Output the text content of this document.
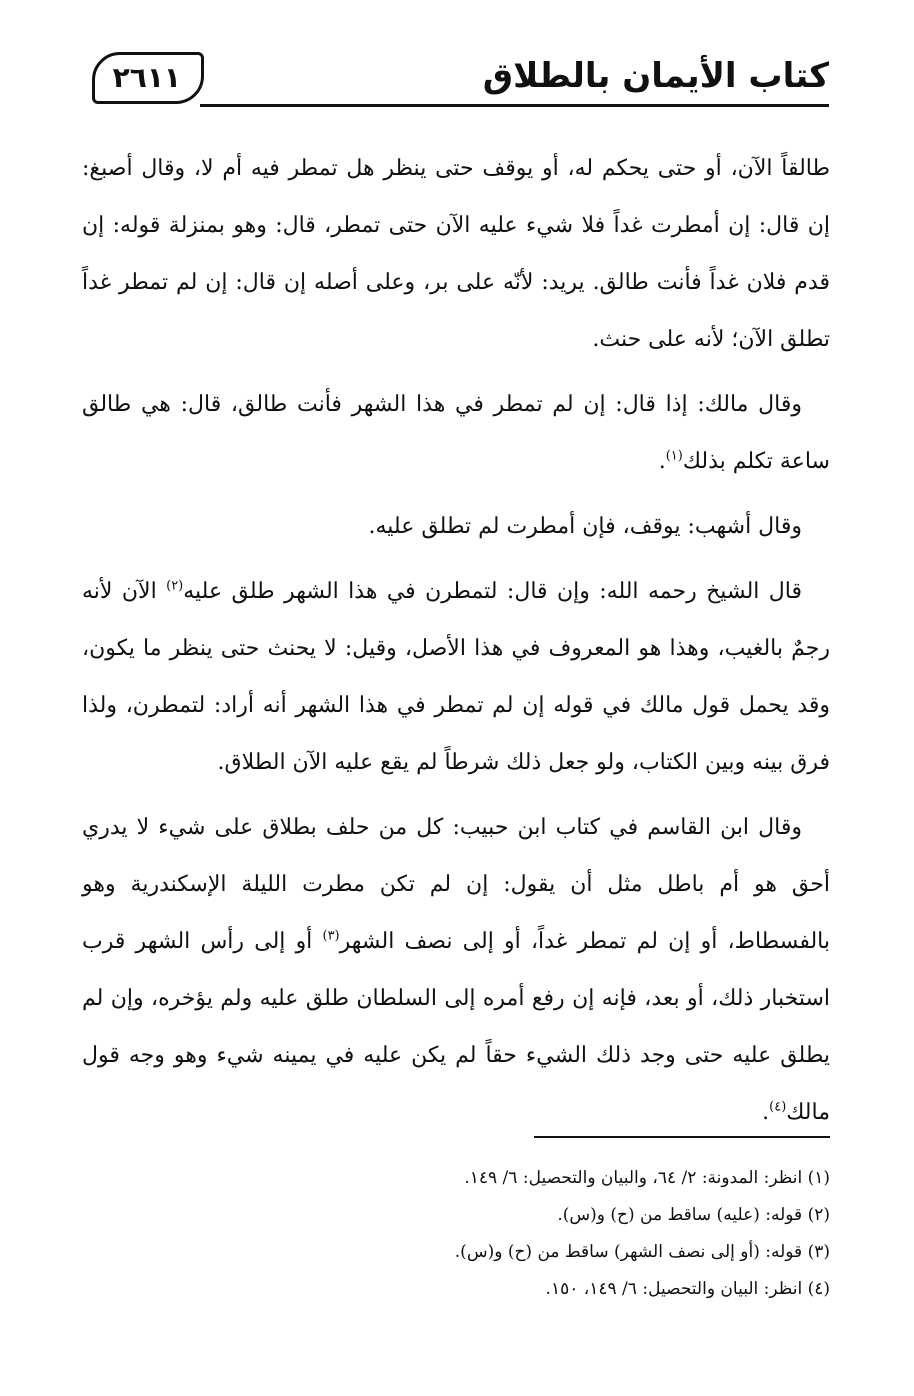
كتاب الأيمان بالطلاق
٢٦١١

طالقاً الآن، أو حتى يحكم له، أو يوقف حتى ينظر هل تمطر فيه أم لا، وقال أصبغ: إن قال: إن أمطرت غداً فلا شيء عليه الآن حتى تمطر، قال: وهو بمنزلة قوله: إن قدم فلان غداً فأنت طالق. يريد: لأنّه على بر، وعلى أصله إن قال: إن لم تمطر غداً تطلق الآن؛ لأنه على حنث.

وقال مالك: إذا قال: إن لم تمطر في هذا الشهر فأنت طالق، قال: هي طالق ساعة تكلم بذلك$^{(١)}$.

وقال أشهب: يوقف، فإن أمطرت لم تطلق عليه.

قال الشيخ رحمه الله: وإن قال: لتمطرن في هذا الشهر طلق عليه$^{(٢)}$ الآن لأنه رجمٌ بالغيب، وهذا هو المعروف في هذا الأصل، وقيل: لا يحنث حتى ينظر ما يكون، وقد يحمل قول مالك في قوله إن لم تمطر في هذا الشهر أنه أراد: لتمطرن، ولذا فرق بينه وبين الكتاب، ولو جعل ذلك شرطاً لم يقع عليه الآن الطلاق.

وقال ابن القاسم في كتاب ابن حبيب: كل من حلف بطلاق على شيء لا يدري أحق هو أم باطل مثل أن يقول: إن لم تكن مطرت الليلة الإسكندرية وهو بالفسطاط، أو إن لم تمطر غداً، أو إلى نصف الشهر$^{(٣)}$ أو إلى رأس الشهر قرب استخبار ذلك، أو بعد، فإنه إن رفع أمره إلى السلطان طلق عليه ولم يؤخره، وإن لم يطلق عليه حتى وجد ذلك الشيء حقاً لم يكن عليه في يمينه شيء وهو وجه قول مالك$^{(٤)}$.

(١) انظر: المدونة: ٢/ ٦٤، والبيان والتحصيل: ٦/ ١٤٩.

(٢) قوله: (عليه) ساقط من (ح) و(س).

(٣) قوله: (أو إلى نصف الشهر) ساقط من (ح) و(س).

(٤) انظر: البيان والتحصيل: ٦/ ١٤٩، ١٥٠.
